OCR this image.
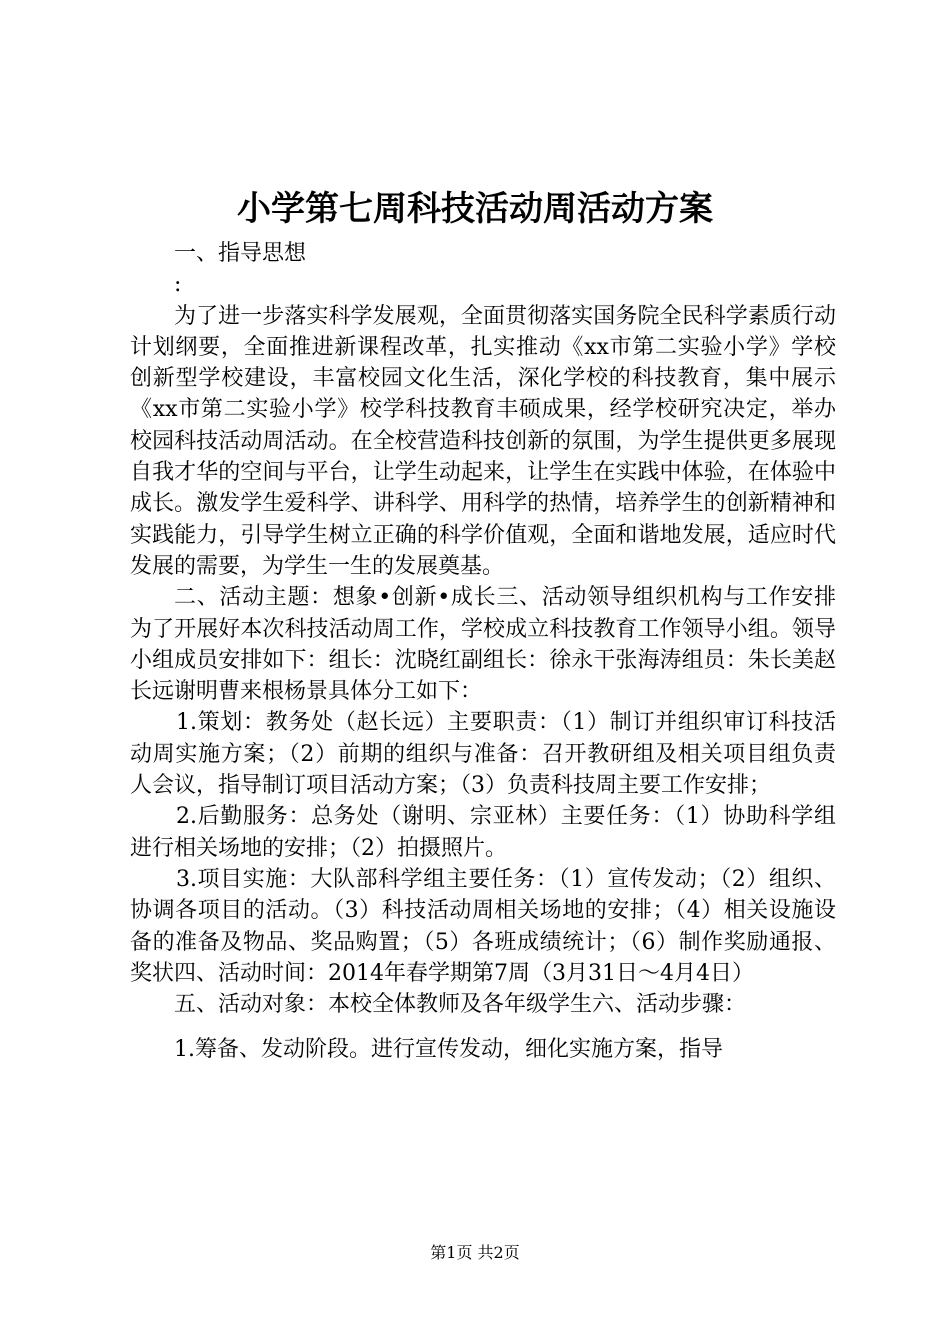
小学第七周科技活动周活动方案

一、指导思想

:

为了进一步落实科学发展观，全面贯彻落实国务院全民科学素质行动计划纲要，全面推进新课程改革，扎实推动《xx市第二实验小学》学校创新型学校建设，丰富校园文化生活，深化学校的科技教育，集中展示《xx市第二实验小学》校学科技教育丰硕成果，经学校研究决定，举办校园科技活动周活动。在全校营造科技创新的氛围，为学生提供更多展现自我才华的空间与平台，让学生动起来，让学生在实践中体验，在体验中成长。激发学生爱科学、讲科学、用科学的热情，培养学生的创新精神和实践能力，引导学生树立正确的科学价值观，全面和谐地发展，适应时代发展的需要，为学生一生的发展奠基。

二、活动主题：想象•创新•成长三、活动领导组织机构与工作安排为了开展好本次科技活动周工作，学校成立科技教育工作领导小组。领导小组成员安排如下：组长：沈晓红副组长：徐永干张海涛组员：朱长美赵长远谢明曹来根杨景具体分工如下：

1.策划：教务处（赵长远）主要职责：（1）制订并组织审订科技活动周实施方案；（2）前期的组织与准备：召开教研组及相关项目组负责人会议，指导制订项目活动方案；（3）负责科技周主要工作安排；

2.后勤服务：总务处（谢明、宗亚林）主要任务：（1）协助科学组进行相关场地的安排；（2）拍摄照片。

3.项目实施：大队部科学组主要任务：（1）宣传发动；（2）组织、协调各项目的活动。（3）科技活动周相关场地的安排；（4）相关设施设备的准备及物品、奖品购置；（5）各班成绩统计；（6）制作奖励通报、奖状四、活动时间：2014年春学期第7周（3月31日～4月4日）

五、活动对象：本校全体教师及各年级学生六、活动步骤：

1.筹备、发动阶段。进行宣传发动，细化实施方案，指导

第1页 共2页
